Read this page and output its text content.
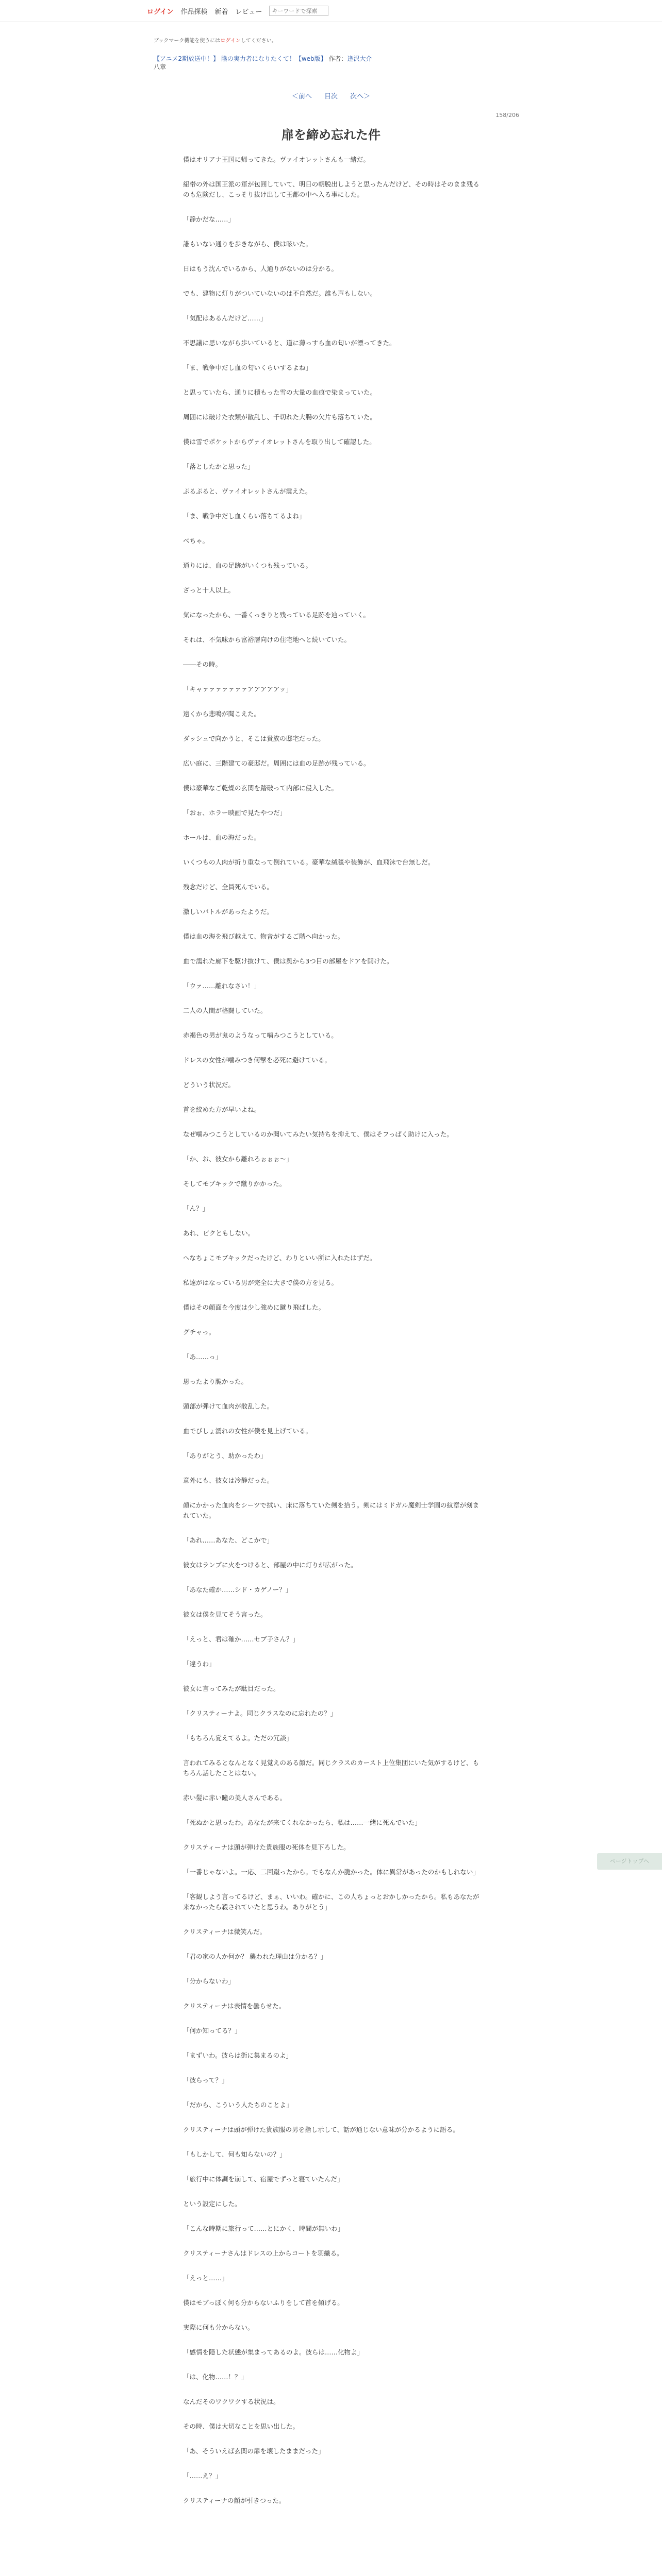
ログイン 作品探検 新着 レビュー
キーワードで探索
ブックマーク機能を使うにはログインしてください。
【アニメ2期放送中！】 陰の実力者になりたくて！【web版】 作者：逢沢大介
八章
＜前へ 目次 次へ＞
158/206
扉を締め忘れた件

僕はオリアナ王国に帰ってきた。ヴァイオレットさんも一緒だ。

紐帯の外は国王派の軍が包囲していて、明日の朝脱出しようと思ったんだけど、その時はそのまま残るのも危険だし、こっそり抜け出して王都の中へ入る事にした。

「静かだな……」

誰もいない通りを歩きながら、僕は呟いた。

日はもう沈んでいるから、人通りがないのは分かる。

でも、建物に灯りがついていないのは不自然だ。誰も声もしない。

「気配はあるんだけど……」

不思議に思いながら歩いていると、道に薄っすら血の匂いが漂ってきた。

「ま、戦争中だし血の匂いくらいするよね」

と思っていたら、通りに積もった雪の大量の血痕で染まっていた。

周囲には破けた衣類が散乱し、千切れた大腸の欠片も落ちていた。

僕は雪でポケットからヴァイオレットさんを取り出して確認した。

「落としたかと思った」

ぷるぷると、ヴァイオレットさんが震えた。

「ま、戦争中だし血くらい落ちてるよね」

べちゃ。

通りには、血の足跡がいくつも残っている。

ざっと十人以上。

気になったから、一番くっきりと残っている足跡を辿っていく。

それは、不気味から富裕層向けの住宅地へと続いていた。

――その時。

「キャァァァァァァァアアアアアッ」

遠くから悲鳴が聞こえた。

ダッシュで向かうと、そこは貴族の邸宅だった。

広い庭に、三階建ての豪邸だ。周囲には血の足跡が残っている。

僕は豪華なご乾燥の玄関を踏破って内部に侵入した。

「おぉ、ホラー映画で見たやつだ」

ホールは、血の海だった。

いくつもの人肉が折り重なって倒れている。豪華な絨毯や装飾が、血飛沫で台無しだ。

残念だけど、全員死んでいる。

激しいバトルがあったようだ。

僕は血の海を飛び越えて、物音がするご階へ向かった。

血で濡れた廊下を駆け抜けて、僕は奥から3つ目の部屋をドアを開けた。

「ウァ……離れなさい！」

二人の人間が格闘していた。

赤褐色の男が鬼のようなって噛みつこうとしている。

ドレスの女性が噛みつき何撃を必死に避けている。

どういう状況だ。

首を絞めた方が早いよね。

なぜ噛みつこうとしているのか聞いてみたい気持ちを抑えて、僕はそフっぱく助けに入った。

「か、お、彼女から離れろぉぉぉ～」

そしてモブキックで蹴りかかった。

「ん？」

あれ、ビクともしない。

へなちょこモブキックだったけど、わりといい所に入れたはずだ。

私達がはなっている男が完全に大きで僕の方を見る。

僕はその顔面を今度は少し強めに蹴り飛ばした。

グチャっ。

「あ……っ」

思ったより脆かった。

頭部が弾けて血肉が散乱した。

血でびしょ濡れの女性が僕を見上げている。

「ありがとう、助かったわ」

意外にも、彼女は冷静だった。

顔にかかった血肉をシーツで拭い、床に落ちていた剣を拾う。剣にはミドガル魔剣士学園の紋章が刻まれていた。

「あれ……あなた、どこかで」

彼女はランプに火をつけると、部屋の中に灯りが広がった。

「あなた確か……シド・カゲノー？」

彼女は僕を見てそう言った。

「えっと、君は確か……セブ子さん？」

「違うわ」

彼女に言ってみたが駄目だった。

「クリスティーナよ。同じクラスなのに忘れたの？」

「もちろん覚えてるよ。ただの冗談」

言われてみるとなんとなく見覚えのある顔だ。同じクラスのカースト上位集団にいた気がするけど、もちろん話したことはない。

赤い髪に赤い瞳の美人さんである。

「死ぬかと思ったわ。あなたが来てくれなかったら、私は……一緒に死んでいた」

クリスティーナは頭が弾けた貴族服の死体を見下ろした。

「一番じゃないよ。一応、二回蹴ったから。でもなんか脆かった。体に異常があったのかもしれない」

「客観しよう言ってるけど、まぁ、いいわ。確かに、この人ちょっとおかしかったから。私もあなたが来なかったら殺されていたと思うわ。ありがとう」

クリスティーナは微笑んだ。

「君の家の人か何か？ 襲われた理由は分かる？」

「分からないわ」

クリスティーナは表情を曇らせた。

「何か知ってる？」

「まずいわ。彼らは街に集まるのよ」

「彼らって？」

「だから、こういう人たちのことよ」

クリスティーナは頭が弾けた貴族服の男を指し示して、話が通じない意味が分かるように語る。

「もしかして、何も知らないの？」

「旅行中に体調を崩して、宿屋でずっと寝ていたんだ」

という設定にした。

「こんな時期に旅行って……とにかく、時間が無いわ」

クリスティーナさんはドレスの上からコートを羽織る。

「えっと……」

僕はモブっぽく何も分からないふりをして首を傾げる。

実際に何も分からない。

「感情を隠した状態が集まってあるのよ。彼らは……化物よ」

「は、化物……！？」

なんだそのワクワクする状況は。

その時、僕は大切なことを思い出した。

「あ、そういえば玄関の扉を壊したままだった」

「……え？」

クリスティーナの顔が引きつった。

ページトップへ
